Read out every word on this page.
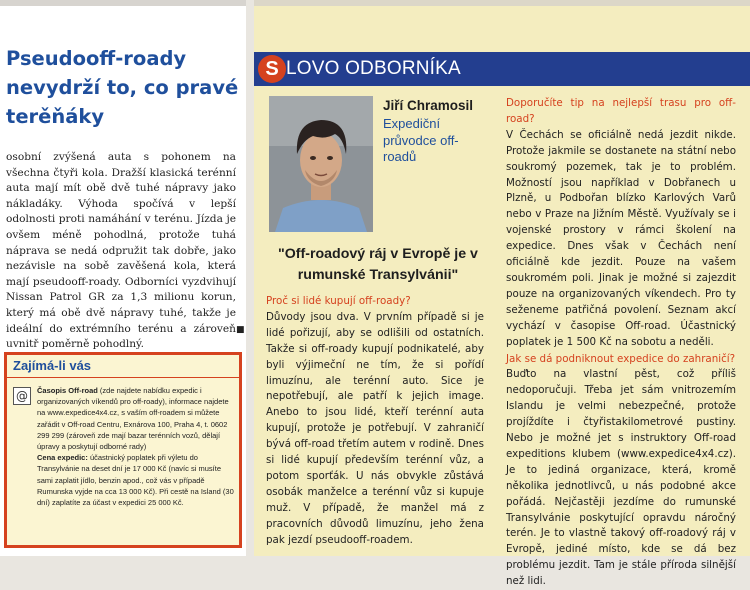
Pseudooff-roady nevydrží to, co pravé terěňáky

osobní zvýšená auta s pohonem na všechna čtyři kola. Dražší klasická terénní auta mají mít obě dvě tuhé nápravy jako nákladáky. Výhoda spočívá v lepší odolnosti proti namáhání v terénu. Jízda je ovšem méně pohodlná, protože tuhá náprava se nedá odpružit tak dobře, jako nezávisle na sobě zavěšená kola, která mají pseudooff-roady. Odborníci vyzdvihují Nissan Patrol GR za 1,3 milionu korun, který má obě dvě nápravy tuhé, takže je ideální do extrémního terénu a zároveň uvnitř poměrně pohodlný.

■
Zajímá-li vás
@	Časopis Off-road (zde najdete nabídku expedic i organizovaných víkendů pro off-roady), informace najdete na www.expedice4x4.cz, s vaším off-roadem si můžete zařádit v Off-road Centru, Exnárova 100, Praha 4, t. 0602 299 299 (zároveň zde mají bazar terénních vozů, dělají úpravy a poskytují odborné rady)
Cena expedic: účastnický poplatek při výletu do Transylvánie na deset dní je 17 000 Kč (navíc si musíte sami zaplatit jídlo, benzin apod., což vás v případě Rumunska vyjde na cca 13 000 Kč). Při cestě na Island (30 dní) zaplatíte za účast v expedici 25 000 Kč.
S LOVO ODBORNÍKA
Jiří Chramosil
Expediční průvodce off-roadů
"Off-roadový ráj v Evropě je v rumunské Transylvánii"
Proč si lidé kupují off-roady?
Důvody jsou dva. V prvním případě si je lidé pořizují, aby se odlišili od ostatních. Takže si off-roady kupují podnikatelé, aby byli výjimeční ne tím, že si pořídí limuzínu, ale terénní auto. Sice je nepotřebují, ale patří k jejich image. Anebo to jsou lidé, kteří terénní auta kupují, protože je potřebují. V zahraničí bývá off-road třetím autem v rodině. Dnes si lidé kupují především terénní vůz, a potom sporťák. U nás obvykle zůstává osobák manželce a terénní vůz si kupuje muž. V případě, že manžel má z pracovních důvodů limuzínu, jeho žena pak jezdí pseudooff-roadem.
Doporučíte tip na nejlepší trasu pro off-road?
V Čechách se oficiálně nedá jezdit nikde. Protože jakmile se dostanete na státní nebo soukromý pozemek, tak je to problém. Možností jsou například v Dobřanech u Plzně, u Podbořan blízko Karlových Varů nebo v Praze na Jižním Městě. Využívaly se i vojenské prostory v rámci školení na expedice. Dnes však v Čechách není oficiálně kde jezdit. Pouze na vašem soukromém poli. Jinak je možné si zajezdit pouze na organizovaných víkendech. Pro ty seženeme patřičná povolení. Seznam akcí vychází v časopise Off-road. Účastnický poplatek je 1 500 Kč na sobotu a neděli.
Jak se dá podniknout expedice do zahraničí?
Buďto na vlastní pěst, což příliš nedoporučuji. Třeba jet sám vnitrozemím Islandu je velmi nebezpečné, protože projíždíte i čtyřistakilometrové pustiny. Nebo je možné jet s instruktory Off-road expeditions klubem (www.expedice4x4.cz). Je to jediná organizace, která, kromě několika jednotlivců, u nás podobné akce pořádá. Nejčastěji jezdíme do rumunské Transylvánie poskytující opravdu náročný terén. Je to vlastně takový off-roadový ráj v Evropě, jediné místo, kde se dá bez problému jezdit. Tam je stále příroda silnější než lidi.
